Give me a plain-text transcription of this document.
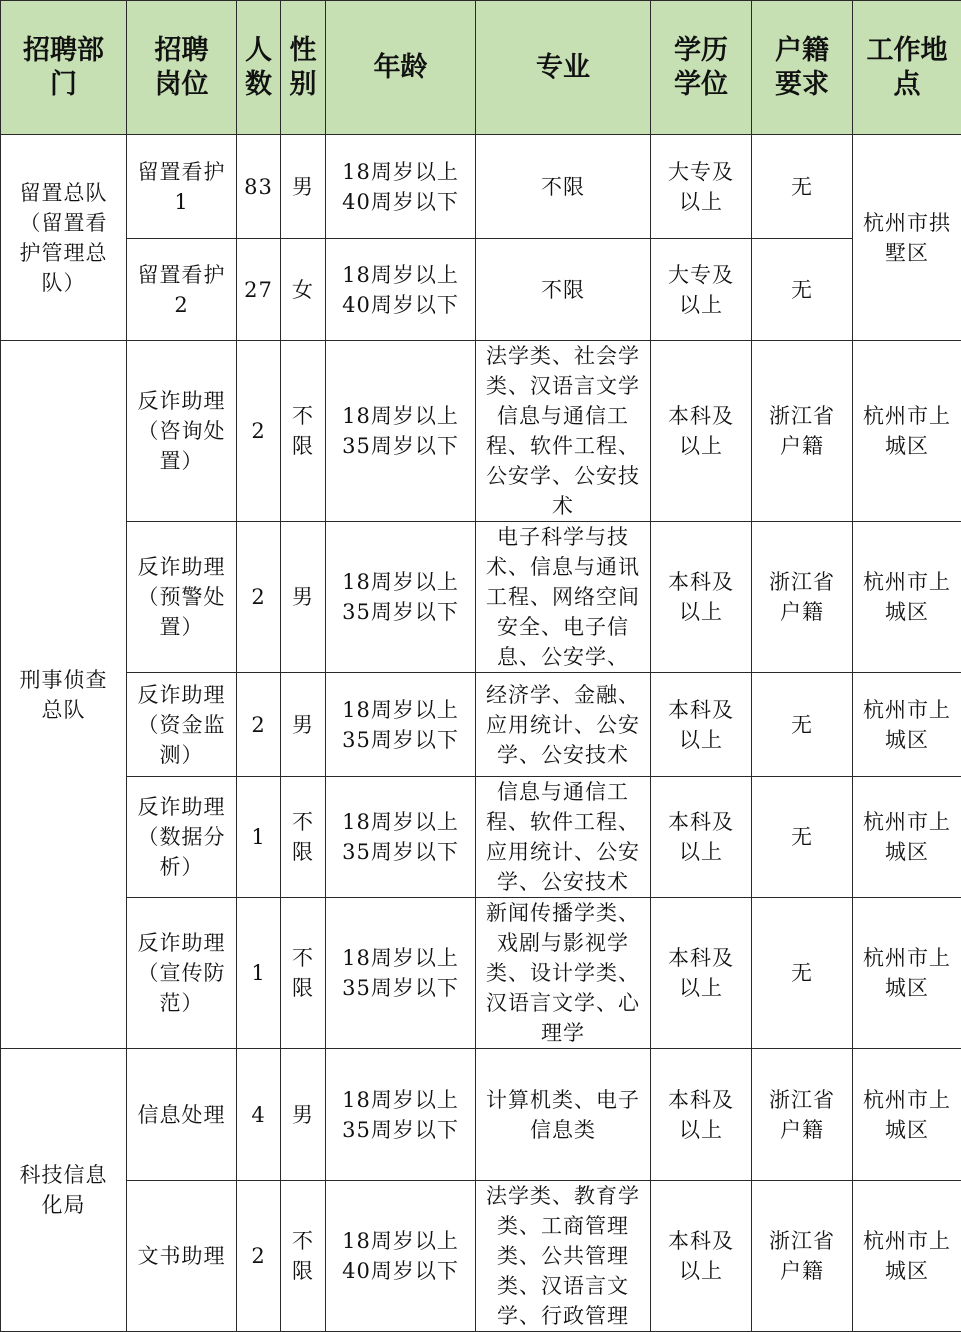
招聘部门	招聘岗位	人数	性别	年龄	专业	学历学位	户籍要求	工作地点
留置总队（留置看护管理总队）	留置看护1	83	男	18周岁以上40周岁以下	不限	大专及以上	无	杭州市拱墅区
	留置看护2	27	女	18周岁以上40周岁以下	不限	大专及以上	无	
刑事侦查总队	反诈助理（咨询处置）	2	不限	18周岁以上35周岁以下	法学类、社会学类、汉语言文学信息与通信工程、软件工程、公安学、公安技术	本科及以上	浙江省户籍	杭州市上城区
	反诈助理（预警处置）	2	男	18周岁以上35周岁以下	电子科学与技术、信息与通讯工程、网络空间安全、电子信息、公安学、	本科及以上	浙江省户籍	杭州市上城区
	反诈助理（资金监测）	2	男	18周岁以上35周岁以下	经济学、金融、应用统计、公安学、公安技术	本科及以上	无	杭州市上城区
	反诈助理（数据分析）	1	不限	18周岁以上35周岁以下	信息与通信工程、软件工程、应用统计、公安学、公安技术	本科及以上	无	杭州市上城区
	反诈助理（宣传防范）	1	不限	18周岁以上35周岁以下	新闻传播学类、戏剧与影视学类、设计学类、汉语言文学、心理学	本科及以上	无	杭州市上城区
科技信息化局	信息处理	4	男	18周岁以上35周岁以下	计算机类、电子信息类	本科及以上	浙江省户籍	杭州市上城区
	文书助理	2	不限	18周岁以上40周岁以下	法学类、教育学类、工商管理类、公共管理类、汉语言文学、行政管理	本科及以上	浙江省户籍	杭州市上城区
